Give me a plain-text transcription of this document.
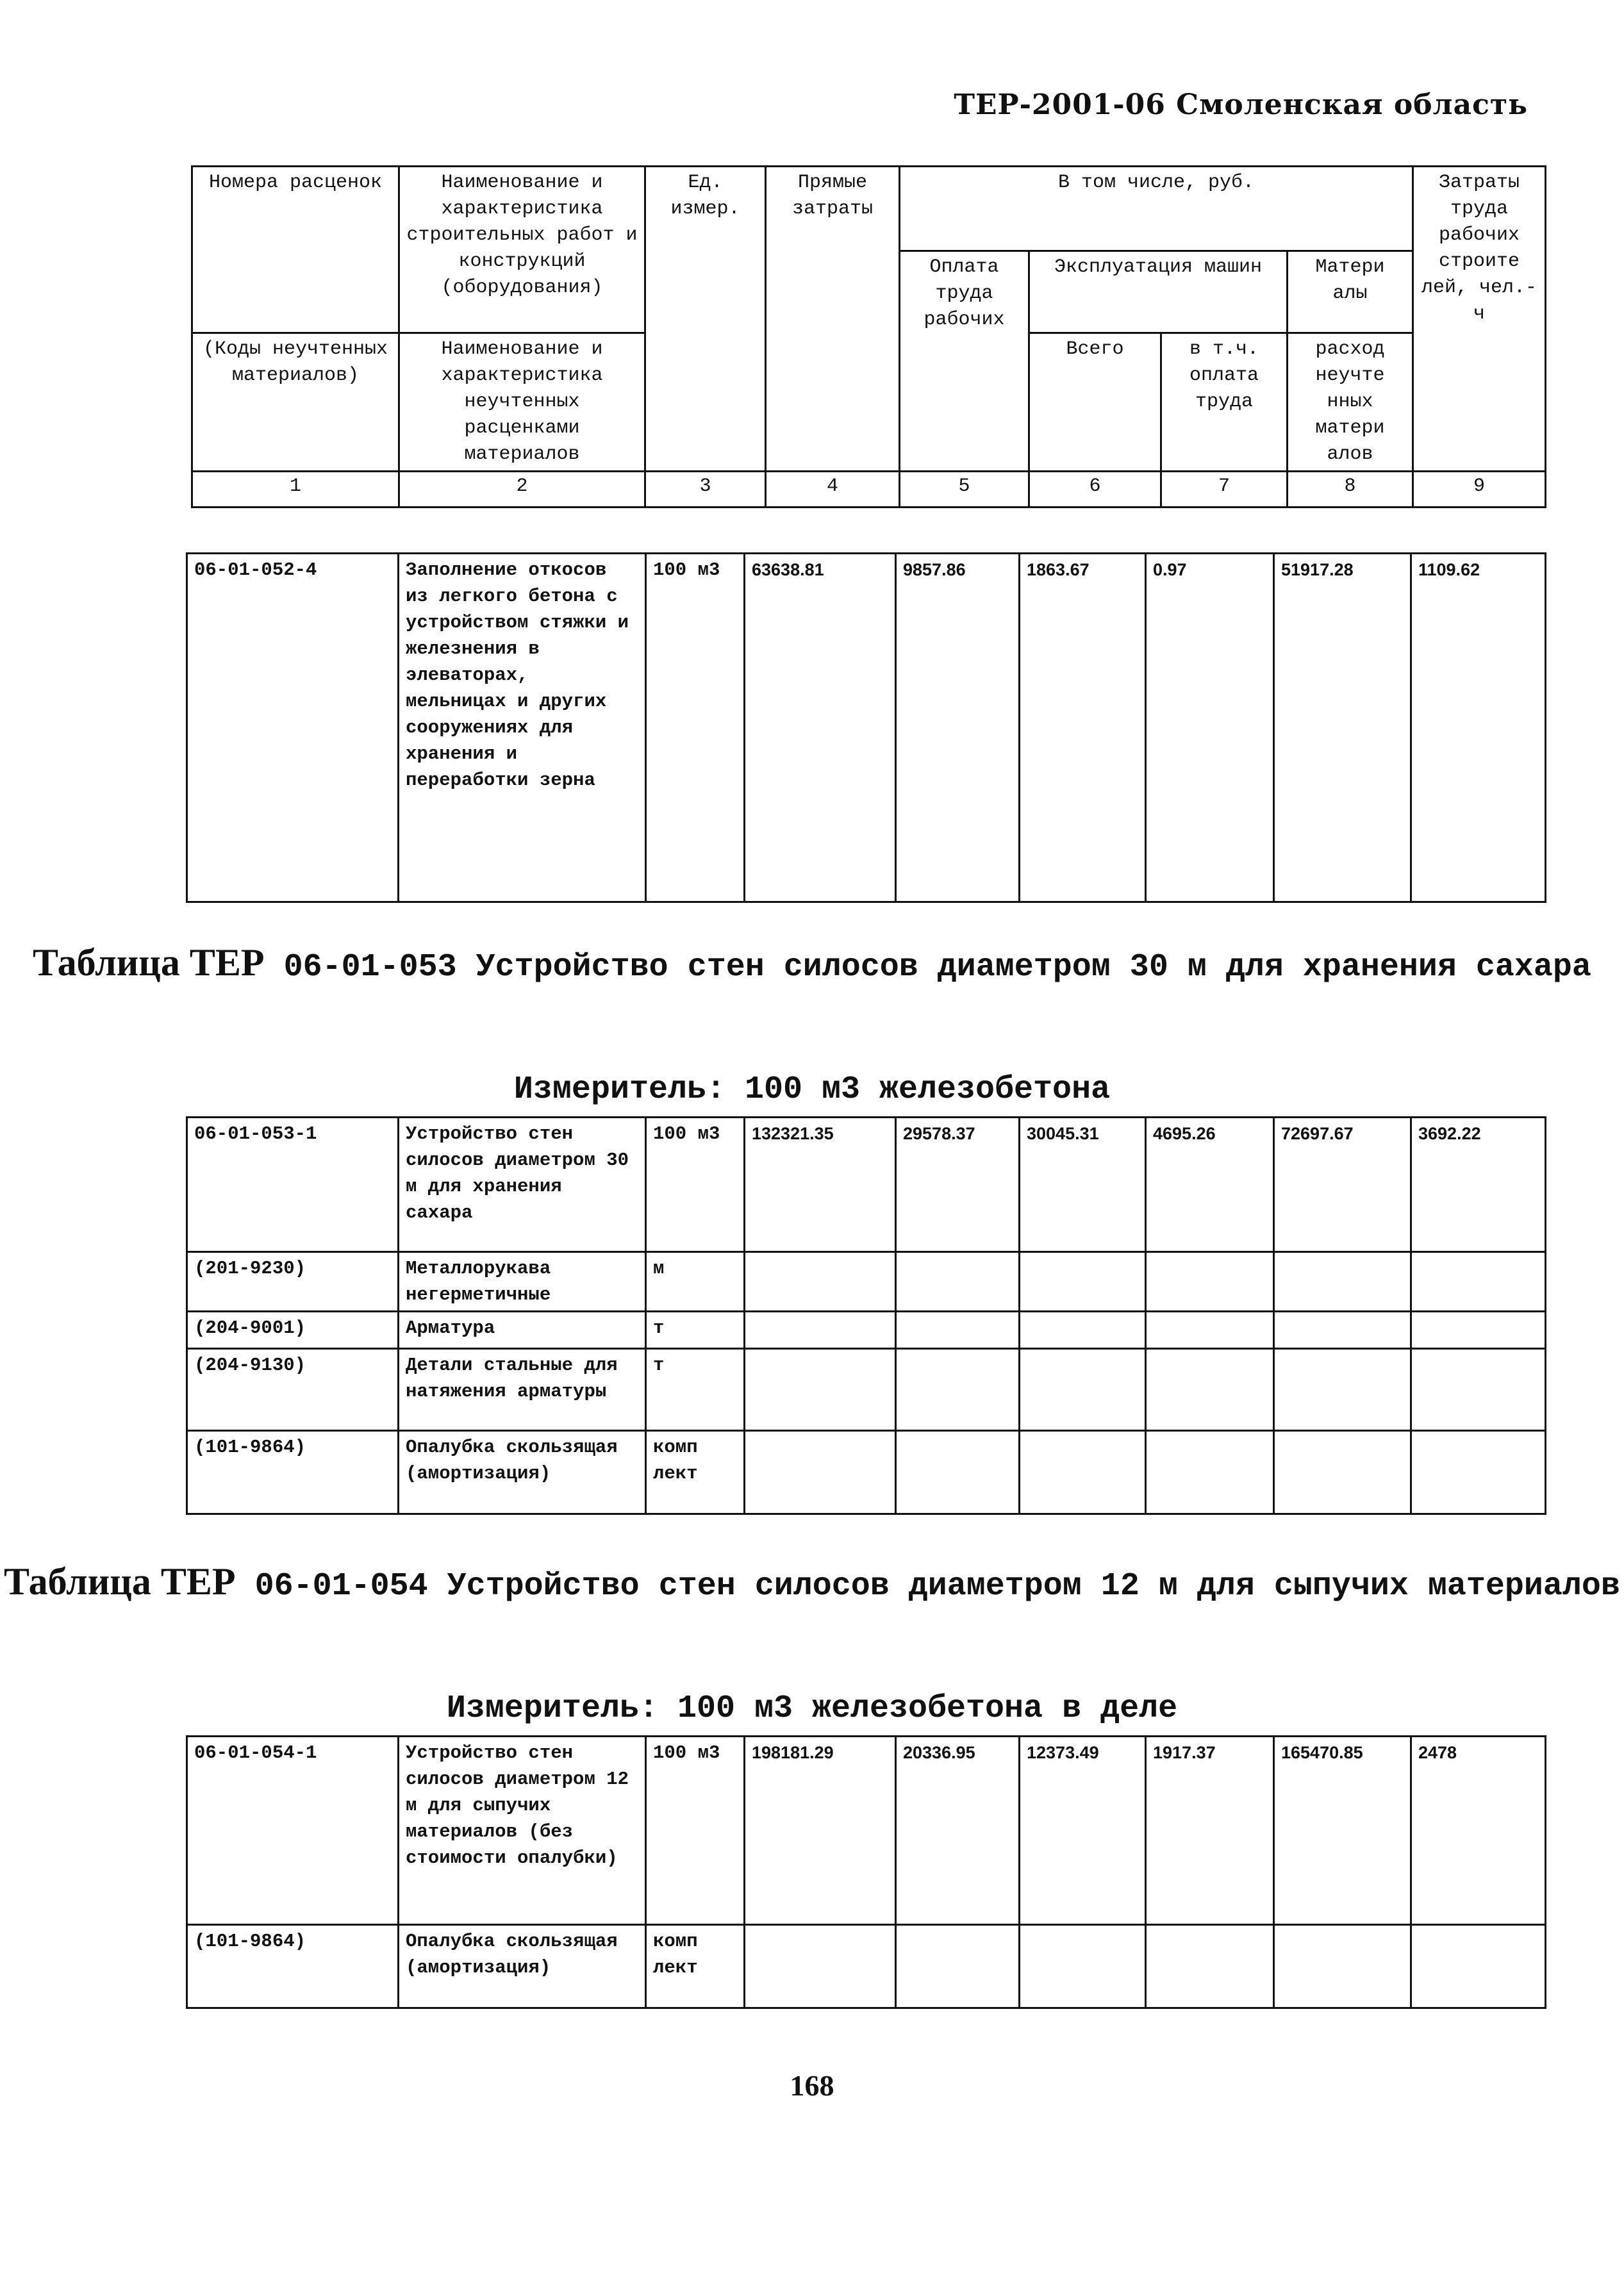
ТЕР-2001-06 Смоленская область
Номера расценок	Наименование и характеристика строительных работ и конструкций (оборудования)	Ед. измер.	Прямые затраты	В том числе, руб.				Затраты труда рабочих строите лей, чел.-ч
				Оплата труда рабочих	Эксплуатация машин		Матери алы	
(Коды неучтенных материалов)	Наименование и характеристика неучтенных расценками материалов				Всего	в т.ч. оплата труда	расход неучте нных матери алов	
1	2	3	4	5	6	7	8	9
06-01-052-4	Заполнение откосов из легкого бетона с устройством стяжки и железнения в элеваторах, мельницах и других сооружениях для хранения и переработки зерна	100 м3	63638.81	9857.86	1863.67	0.97	51917.28	1109.62
Таблица ТЕР 06-01-053 Устройство стен силосов диаметром 30 м для хранения сахара
Измеритель: 100 м3 железобетона
06-01-053-1	Устройство стен силосов диаметром 30 м для хранения сахара	100 м3	132321.35	29578.37	30045.31	4695.26	72697.67	3692.22
(201-9230)	Металлорукава негерметичные	м						
(204-9001)	Арматура	т						
(204-9130)	Детали стальные для натяжения арматуры	т						
(101-9864)	Опалубка скользящая (амортизация)	комп лект						
Таблица ТЕР 06-01-054 Устройство стен силосов диаметром 12 м для сыпучих материалов
Измеритель: 100 м3 железобетона в деле
06-01-054-1	Устройство стен силосов диаметром 12 м для сыпучих материалов (без стоимости опалубки)	100 м3	198181.29	20336.95	12373.49	1917.37	165470.85	2478
(101-9864)	Опалубка скользящая (амортизация)	комп лект						
168
